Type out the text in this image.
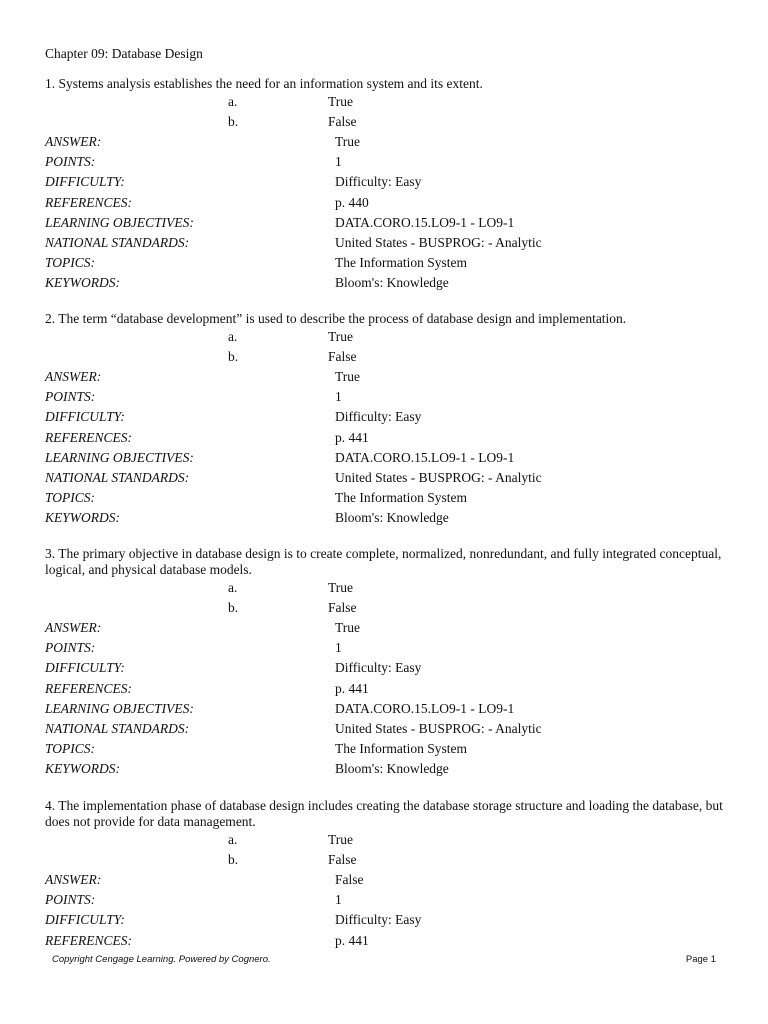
Chapter 09: Database Design
1. Systems analysis establishes the need for an information system and its extent.
a.	True
b.	False
ANSWER:	True
POINTS:	1
DIFFICULTY:	Difficulty: Easy
REFERENCES:	p. 440
LEARNING OBJECTIVES:	DATA.CORO.15.LO9-1 - LO9-1
NATIONAL STANDARDS:	United States - BUSPROG: - Analytic
TOPICS:	The Information System
KEYWORDS:	Bloom's: Knowledge
2. The term “database development” is used to describe the process of database design and implementation.
a.	True
b.	False
ANSWER:	True
POINTS:	1
DIFFICULTY:	Difficulty: Easy
REFERENCES:	p. 441
LEARNING OBJECTIVES:	DATA.CORO.15.LO9-1 - LO9-1
NATIONAL STANDARDS:	United States - BUSPROG: - Analytic
TOPICS:	The Information System
KEYWORDS:	Bloom's: Knowledge
3. The primary objective in database design is to create complete, normalized, nonredundant, and fully integrated conceptual, logical, and physical database models.
a.	True
b.	False
ANSWER:	True
POINTS:	1
DIFFICULTY:	Difficulty: Easy
REFERENCES:	p. 441
LEARNING OBJECTIVES:	DATA.CORO.15.LO9-1 - LO9-1
NATIONAL STANDARDS:	United States - BUSPROG: - Analytic
TOPICS:	The Information System
KEYWORDS:	Bloom's: Knowledge
4. The implementation phase of database design includes creating the database storage structure and loading the database, but does not provide for data management.
a.	True
b.	False
ANSWER:	False
POINTS:	1
DIFFICULTY:	Difficulty: Easy
REFERENCES:	p. 441
Copyright Cengage Learning. Powered by Cognero.	Page 1
